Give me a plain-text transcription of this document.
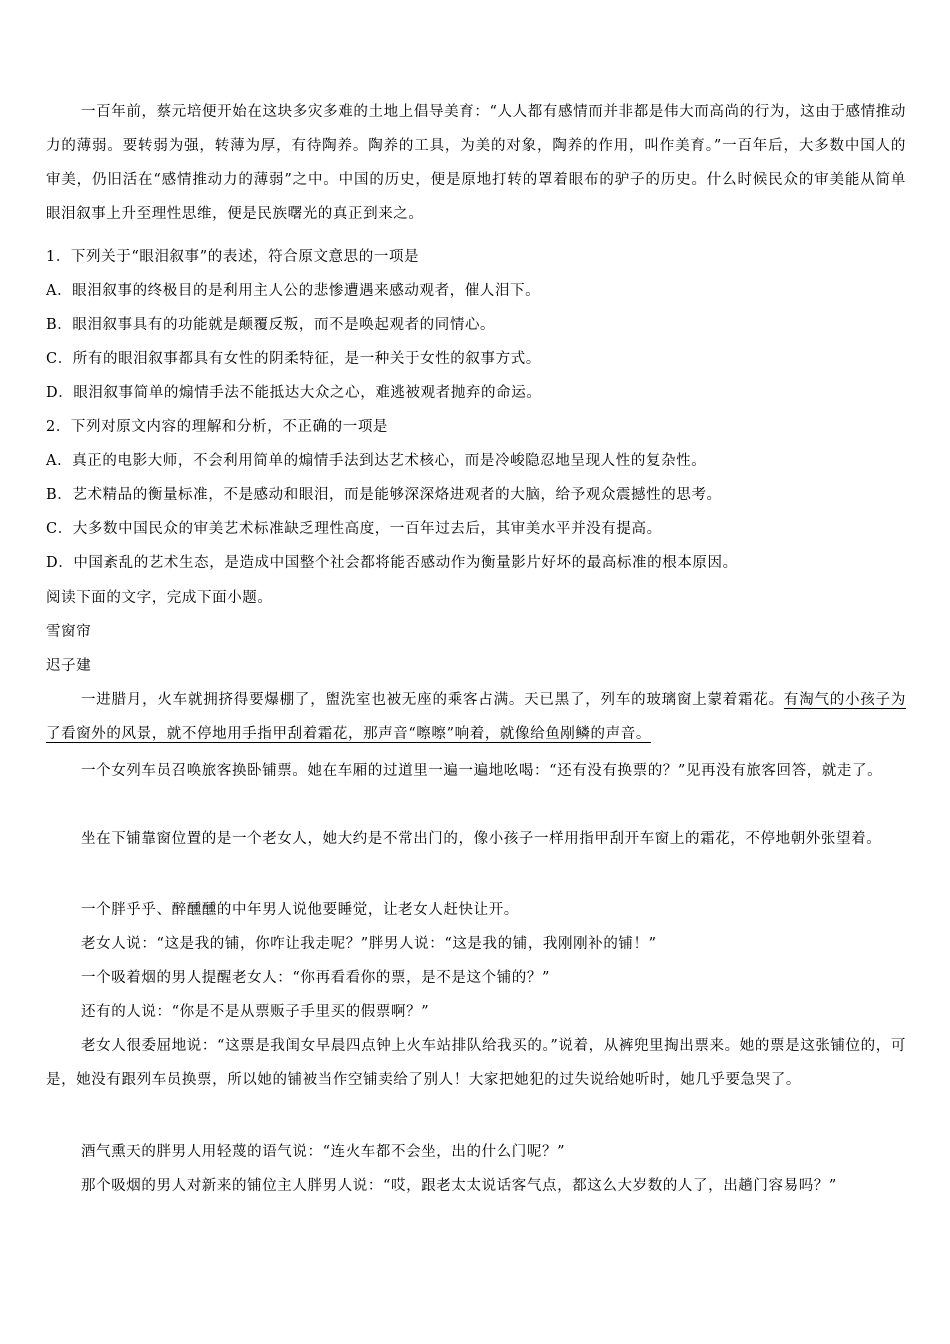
一百年前，蔡元培便开始在这块多灾多难的土地上倡导美育：“人人都有感情而并非都是伟大而高尚的行为，这由于感情推动力的薄弱。要转弱为强，转薄为厚，有待陶养。陶养的工具，为美的对象，陶养的作用，叫作美育。”一百年后，大多数中国人的审美，仍旧活在“感情推动力的薄弱”之中。中国的历史，便是原地打转的罩着眼布的驴子的历史。什么时候民众的审美能从简单眼泪叙事上升至理性思维，便是民族曙光的真正到来之。
1．下列关于“眼泪叙事”的表述，符合原文意思的一项是
A．眼泪叙事的终极目的是利用主人公的悲惨遭遇来感动观者，催人泪下。
B．眼泪叙事具有的功能就是颠覆反叛，而不是唤起观者的同情心。
C．所有的眼泪叙事都具有女性的阴柔特征，是一种关于女性的叙事方式。
D．眼泪叙事简单的煽情手法不能抵达大众之心，难逃被观者抛弃的命运。
2．下列对原文内容的理解和分析，不正确的一项是
A．真正的电影大师，不会利用简单的煽情手法到达艺术核心，而是冷峻隐忍地呈现人性的复杂性。
B．艺术精品的衡量标准，不是感动和眼泪，而是能够深深烙进观者的大脑，给予观众震撼性的思考。
C．大多数中国民众的审美艺术标准缺乏理性高度，一百年过去后，其审美水平并没有提高。
D．中国紊乱的艺术生态，是造成中国整个社会都将能否感动作为衡量影片好坏的最高标准的根本原因。
阅读下面的文字，完成下面小题。
雪窗帘
迟子建
一进腊月，火车就拥挤得要爆棚了，盥洗室也被无座的乘客占满。天已黑了，列车的玻璃窗上蒙着霜花。有淘气的小孩子为了看窗外的风景，就不停地用手指甲刮着霜花，那声音“嚓嚓”响着，就像给鱼剐鳞的声音。
一个女列车员召唤旅客换卧铺票。她在车厢的过道里一遍一遍地吆喝：“还有没有换票的？”见再没有旅客回答，就走了。
坐在下铺靠窗位置的是一个老女人，她大约是不常出门的，像小孩子一样用指甲刮开车窗上的霜花，不停地朝外张望着。
一个胖乎乎、醉醺醺的中年男人说他要睡觉，让老女人赶快让开。
老女人说：“这是我的铺，你咋让我走呢？”胖男人说：“这是我的铺，我刚刚补的铺！”
一个吸着烟的男人提醒老女人：“你再看看你的票，是不是这个铺的？”
还有的人说：“你是不是从票贩子手里买的假票啊？”
老女人很委屈地说：“这票是我闺女早晨四点钟上火车站排队给我买的。”说着，从裤兜里掏出票来。她的票是这张铺位的，可是，她没有跟列车员换票，所以她的铺被当作空铺卖给了别人！大家把她犯的过失说给她听时，她几乎要急哭了。
酒气熏天的胖男人用轻蔑的语气说：“连火车都不会坐，出的什么门呢？”
那个吸烟的男人对新来的铺位主人胖男人说：“哎，跟老太太说话客气点，都这么大岁数的人了，出趟门容易吗？”
